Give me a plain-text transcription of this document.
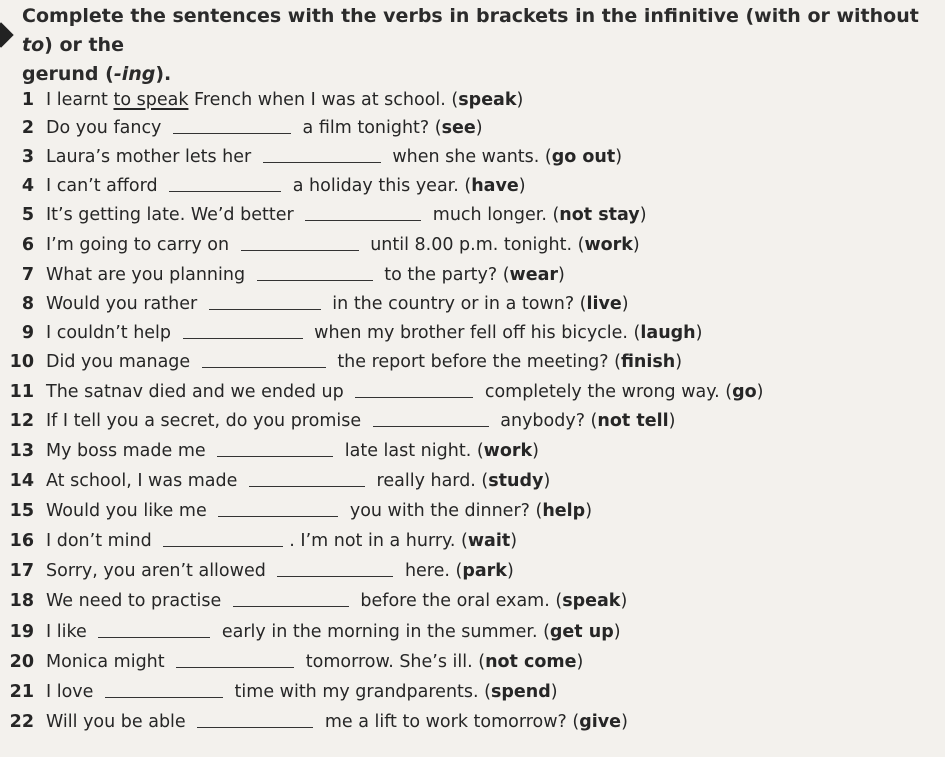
Complete the sentences with the verbs in brackets in the infinitive (with or without to) or the
gerund (-ing).
1 I learnt to speak French when I was at school. (speak)
2 Do you fancy	a film tonight? (see)
3 Laura’s mother lets her	when she wants. (go out)
4 I can’t afford	a holiday this year. (have)
5 It’s getting late. We’d better	much longer. (not stay)
6 I’m going to carry on	until 8.00 p.m. tonight. (work)
7 What are you planning	to the party? (wear)
8 Would you rather	in the country or in a town? (live)
9 I couldn’t help	when my brother fell off his bicycle. (laugh)
10 Did you manage	the report before the meeting? (finish)
11 The satnav died and we ended up	completely the wrong way. (go)
12 If I tell you a secret, do you promise	anybody? (not tell)
13 My boss made me	late last night. (work)
14 At school, I was made	really hard. (study)
15 Would you like me	you with the dinner? (help)
16 I don’t mind	. I’m not in a hurry. (wait)
17 Sorry, you aren’t allowed	here. (park)
18 We need to practise	before the oral exam. (speak)
19 I like	early in the morning in the summer. (get up)
20 Monica might	tomorrow. She’s ill. (not come)
21 I love	time with my grandparents. (spend)
22 Will you be able	me a lift to work tomorrow? (give)
